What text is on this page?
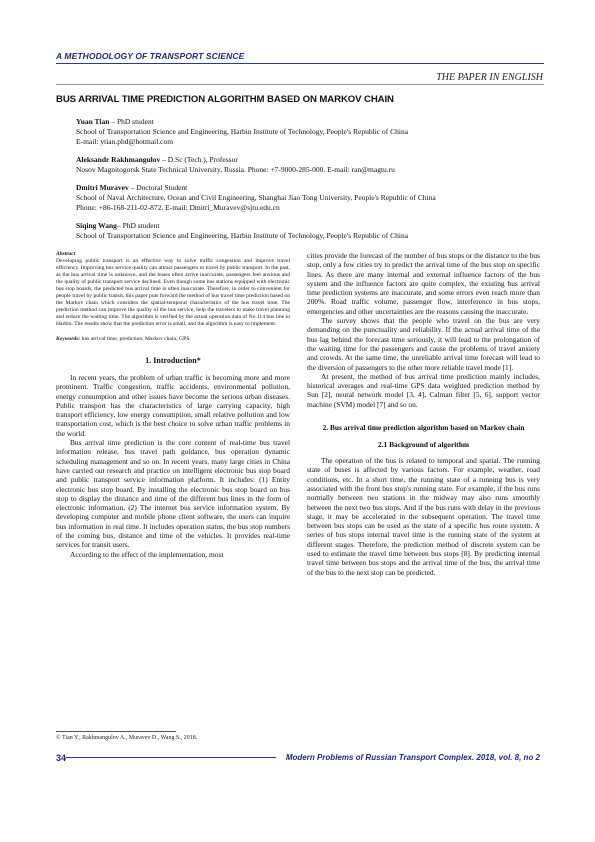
A METHODOLOGY OF TRANSPORT SCIENCE
THE PAPER IN ENGLISH
BUS ARRIVAL TIME PREDICTION ALGORITHM BASED ON MARKOV CHAIN
Yuan Tian – PhD student
School of Transportation Science and Engineering, Harbin Institute of Technology, People's Republic of China
E-mail: ytian.phd@hotmail.com
Aleksandr Rakhmangulov – D.Sc (Tech.), Professor
Nosov Magnitogorsk State Technical University, Russia. Phone: +7-9000-285-000. E-mail: ran@magtu.ru
Dmitri Muravev – Doctoral Student
School of Naval Architecture, Ocean and Civil Engineering, Shanghai Jiao Tong University, People's Republic of China
Phone: +86-168-211-02-872. E-mail: Dmitri_Muravev@sjtu.edu.cn
Siqing Wang– PhD student
School of Transportation Science and Engineering, Harbin Institute of Technology, People's Republic of China
Abstract
Developing public transport is an effective way to solve traffic congestion and improve travel efficiency. Improving bus service quality can attract passengers to travel by public transport. In the past, as the bus arrival time is unknown, and the buses often arrive inaccurate, passengers feel anxious and the quality of public transport service declined. Even though some bus stations equipped with electronic bus stop boards, the predicted bus arrival time is often inaccurate. Therefore, in order to convenient for people travel by public transit, this paper puts forward the method of bus travel time prediction based on the Markov chain which considers the spatial-temporal characteristics of the bus travel time. The prediction method can improve the quality of the bus service, help the travelers to make travel planning and reduce the waiting time. The algorithm is verified by the actual operation data of No.114 bus line in Harbin. The results show that the prediction error is small, and the algorithm is easy to implement.
Keywords: bus arrival time, prediction, Markov chain, GPS.
1. Introduction*

In recent years, the problem of urban traffic is becoming more and more prominent. Traffic congestion, traffic accidents, environmental pollution, energy consumption and other issues have become the serious urban diseases. Public transport has the characteristics of large carrying capacity, high transport efficiency, low energy consumption, small relative pollution and low transportation cost, which is the best choice to solve urban traffic problems in the world.

Bus arrival time prediction is the core content of real-time bus travel information release, bus travel path guidance, bus operation dynamic scheduling management and so on. In recent years, many large cities in China have carried out research and practice on intelligent electronic bus stop board and public transport service information platform. It includes: (1) Entity electronic bus stop board. By installing the electronic bus stop board on bus stop to display the distance and time of the different bus lines in the form of electronic information, (2) The internet bus service information system. By developing computer and mobile phone client software, the users can inquire bus information in real time. It includes operation status, the bus stop numbers of the coming bus, distance and time of the vehicles. It provides real-time services for transit users.

According to the effect of the implementation, most

cities provide the forecast of the number of bus stops or the distance to the bus stop, only a few cities try to predict the arrival time of the bus stop on specific lines. As there are many internal and external influence factors of the bus system and the influence factors are quite complex, the existing bus arrival time prediction systems are inaccurate, and some errors even reach more than 200%. Road traffic volume, passenger flow, interference in bus stops, emergencies and other uncertainties are the reasons causing the inaccurate.

The survey shows that the people who travel on the bus are very demanding on the punctuality and reliability. If the actual arrival time of the bus lag behind the forecast time seriously, it will lead to the prolongation of the waiting time for the passengers and cause the problems of travel anxiety and crowds. At the same time, the unreliable arrival time forecast will lead to the diversion of passengers to the other more reliable travel mode [1].

At present, the method of bus arrival time prediction mainly includes, historical averages and real-time GPS data weighted prediction method by Sun [2], neural network model [3, 4], Calman filter [5, 6], support vector machine (SVM) model [7] and so on.

2. Bus arrival time prediction algorithm based on Markov chain
2.1 Background of algorithm

The operation of the bus is related to temporal and spatial. The running state of buses is affected by various factors. For example, weather, road conditions, etc. In a short time, the running state of a running bus is very associated with the front bus stop's running state. For example, if the bus runs normally between two stations in the midway may also runs smoothly between the next two bus stops. And if the bus runs with delay in the previous stage, it may be accelerated in the subsequent operation. The travel time between bus stops can be used as the state of a specific bus route system. A series of bus stops internal travel time is the running state of the system at different stages. Therefore, the prediction method of discrete system can be used to estimate the travel time between bus stops [8]. By predicting internal travel time between bus stops and the arrival time of the bus, the arrival time of the bus to the next stop can be predicted.

© Tian Y., Rakhmangulov A., Muravev D., Wang S., 2018.
34	Modern Problems of Russian Transport Complex. 2018, vol. 8, no 2
